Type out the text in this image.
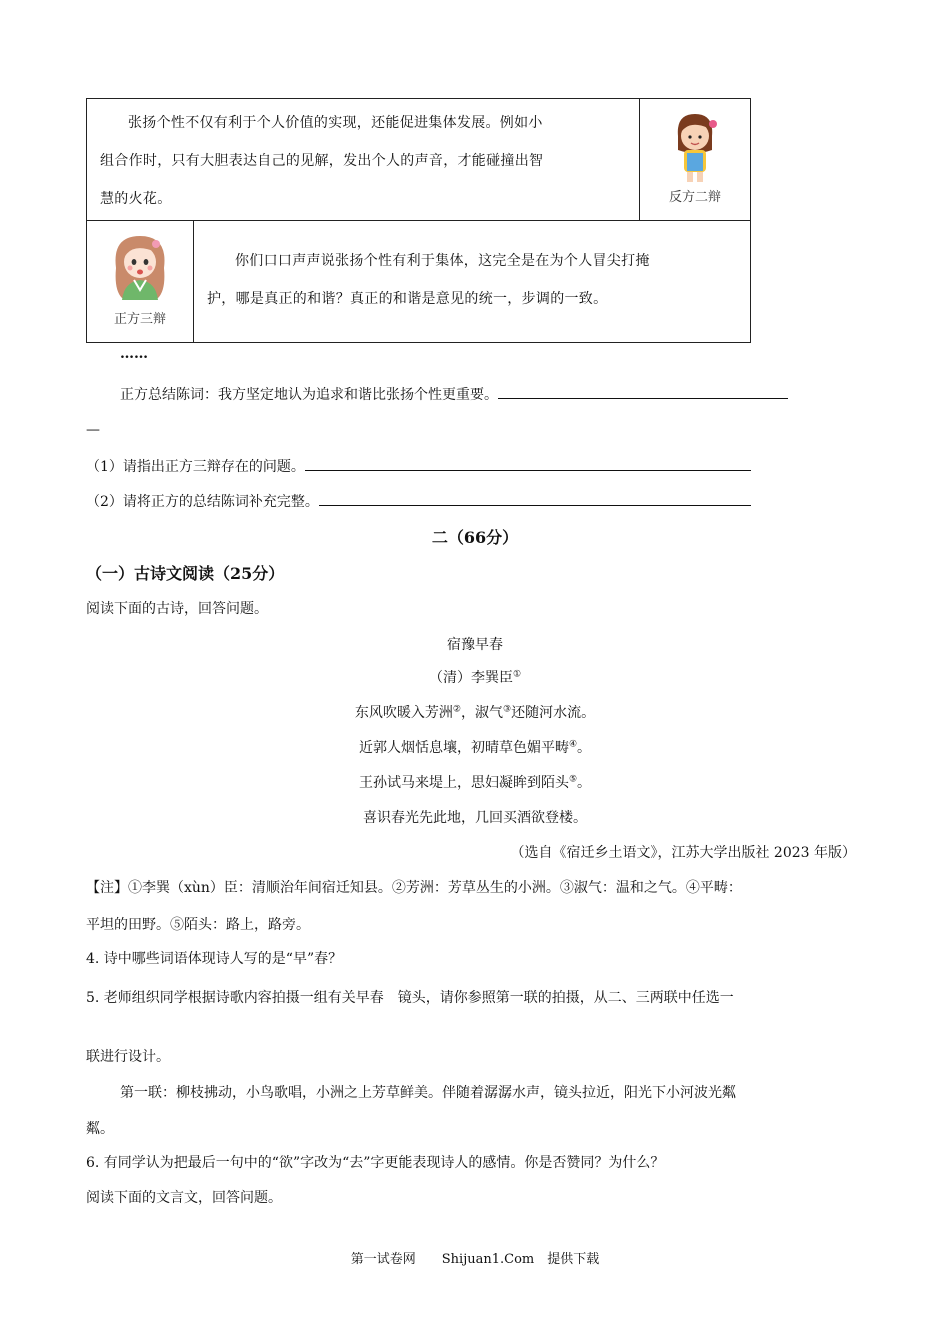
张扬个性不仅有利于个人价值的实现，还能促进集体发展。例如小
组合作时，只有大胆表达自己的见解，发出个人的声音，才能碰撞出智
慧的火花。	反方二辩
正方三辩

你们口口声声说张扬个性有利于集体，这完全是在为个人冒尖打掩
护，哪是真正的和谐？真正的和谐是意见的统一，步调的一致。
……
正方总结陈词：我方坚定地认为追求和谐比张扬个性更重要。
—
（1）请指出正方三辩存在的问题。
（2）请将正方的总结陈词补充完整。
二（66分）
（一）古诗文阅读（25分）
阅读下面的古诗，回答问题。
宿豫早春
（清）李巽臣①
东风吹暖入芳洲②，淑气③还随河水流。
近郭人烟恬息壤，初晴草色媚平畴④。
王孙试马来堤上，思妇凝眸到陌头⑤。
喜识春光先此地，几回买酒欲登楼。
（选自《宿迁乡土语文》，江苏大学出版社 2023 年版）
【注】①李巽（xùn）臣：清顺治年间宿迁知县。②芳洲：芳草丛生的小洲。③淑气：温和之气。④平畴：
平坦的田野。⑤陌头：路上，路旁。
4. 诗中哪些词语体现诗人写的是“早”春？
5. 老师组织同学根据诗歌内容拍摄一组有关早春　镜头，请你参照第一联的拍摄，从二、三两联中任选一
联进行设计。
第一联：柳枝拂动，小鸟歌唱，小洲之上芳草鲜美。伴随着潺潺水声，镜头拉近，阳光下小河波光粼
粼。
6. 有同学认为把最后一句中的“欲”字改为“去”字更能表现诗人的感情。你是否赞同？为什么？
阅读下面的文言文，回答问题。
第一试卷网　　Shijuan1.Com　提供下载
